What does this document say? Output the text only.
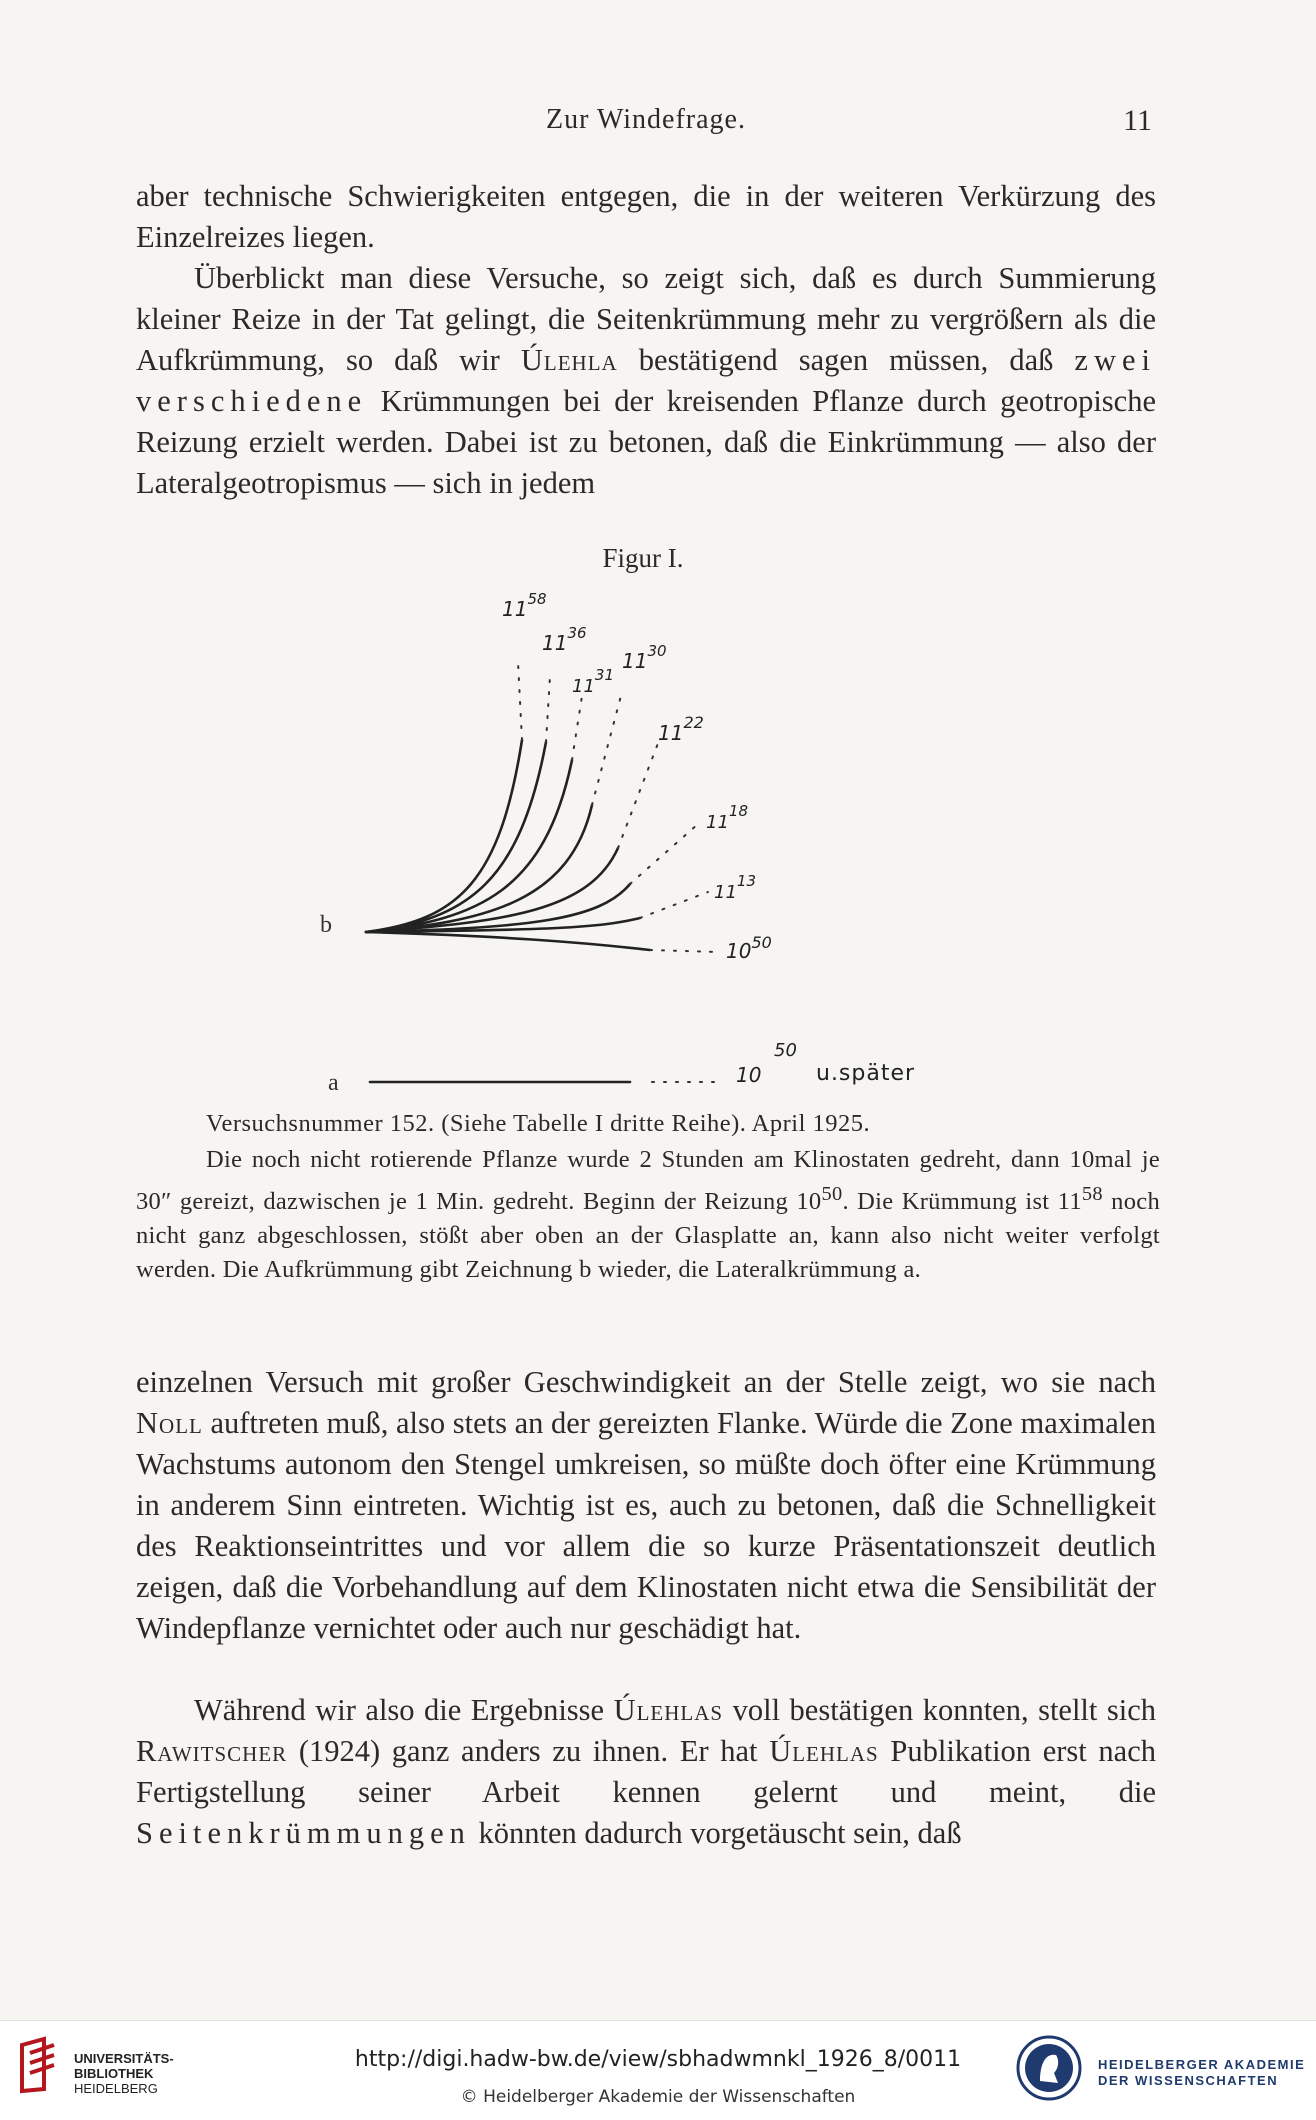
Zur Windefrage.	11

aber technische Schwierigkeiten entgegen, die in der weiteren Verkürzung des Einzelreizes liegen.

Überblickt man diese Versuche, so zeigt sich, daß es durch Summierung kleiner Reize in der Tat gelingt, die Seitenkrümmung mehr zu vergrößern als die Aufkrümmung, so daß wir Úlehla bestätigend sagen müssen, daß zwei verschiedene Krümmungen bei der kreisenden Pflanze durch geotropische Reizung erzielt werden. Dabei ist zu betonen, daß die Einkrümmung — also der Lateralgeotropismus — sich in jedem

Figur I.
$11^{58}$
$11^{36}$
$11^{31}$
$11^{30}$
$11^{22}$
$11^{18}$
$11^{13}$
$10^{50}$
10
50
u.später
b
a
Versuchsnummer 152. (Siehe Tabelle I dritte Reihe). April 1925.

Die noch nicht rotierende Pflanze wurde 2 Stunden am Klinostaten gedreht, dann 10mal je 30″ gereizt, dazwischen je 1 Min. gedreht. Beginn der Reizung $10^{50}$. Die Krümmung ist $11^{58}$ noch nicht ganz abgeschlossen, stößt aber oben an der Glasplatte an, kann also nicht weiter verfolgt werden. Die Aufkrümmung gibt Zeichnung b wieder, die Lateralkrümmung a.

einzelnen Versuch mit großer Geschwindigkeit an der Stelle zeigt, wo sie nach Noll auftreten muß, also stets an der gereizten Flanke. Würde die Zone maximalen Wachstums autonom den Stengel umkreisen, so müßte doch öfter eine Krümmung in anderem Sinn eintreten. Wichtig ist es, auch zu betonen, daß die Schnelligkeit des Reaktionseintrittes und vor allem die so kurze Präsentationszeit deutlich zeigen, daß die Vorbehandlung auf dem Klinostaten nicht etwa die Sensibilität der Windepflanze vernichtet oder auch nur geschädigt hat.

Während wir also die Ergebnisse Úlehlas voll bestätigen konnten, stellt sich Rawitscher (1924) ganz anders zu ihnen. Er hat Úlehlas Publikation erst nach Fertigstellung seiner Arbeit kennen gelernt und meint, die Seitenkrümmungen könnten dadurch vorgetäuscht sein, daß

UNIVERSITÄTS-
BIBLIOTHEK
HEIDELBERG
http://digi.hadw-bw.de/view/sbhadwmnkl_1926_8/0011
© Heidelberger Akademie der Wissenschaften
HEIDELBERGER AKADEMIE
DER WISSENSCHAFTEN
